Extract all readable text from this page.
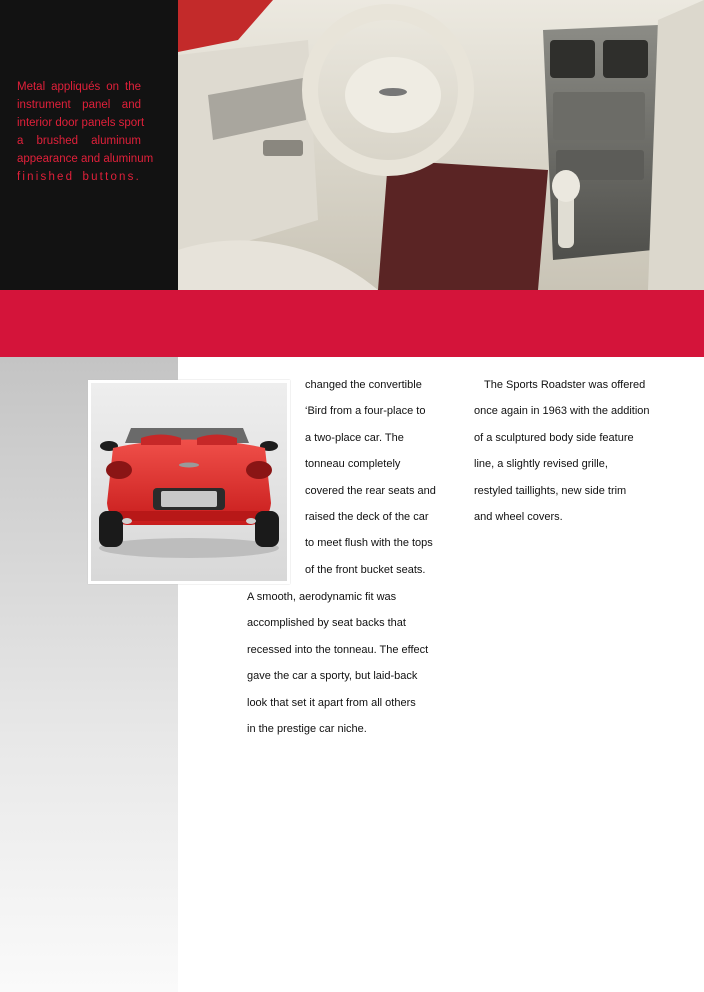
Metal appliqués on the
instrument panel and
interior door panels sport
a brushed aluminum
appearance and aluminum
finished buttons.

changed the convertible
‘Bird from a four-place to
a two-place car. The
tonneau completely
covered the rear seats and
raised the deck of the car
to meet flush with the tops
of the front bucket seats.
A smooth, aerodynamic fit was
accomplished by seat backs that
recessed into the tonneau. The effect
gave the car a sporty, but laid-back
look that set it apart from all others
in the prestige car niche.
The Sports Roadster was offered
once again in 1963 with the addition
of a sculptured body side feature
line, a slightly revised grille,
restyled taillights, new side trim
and wheel covers.
